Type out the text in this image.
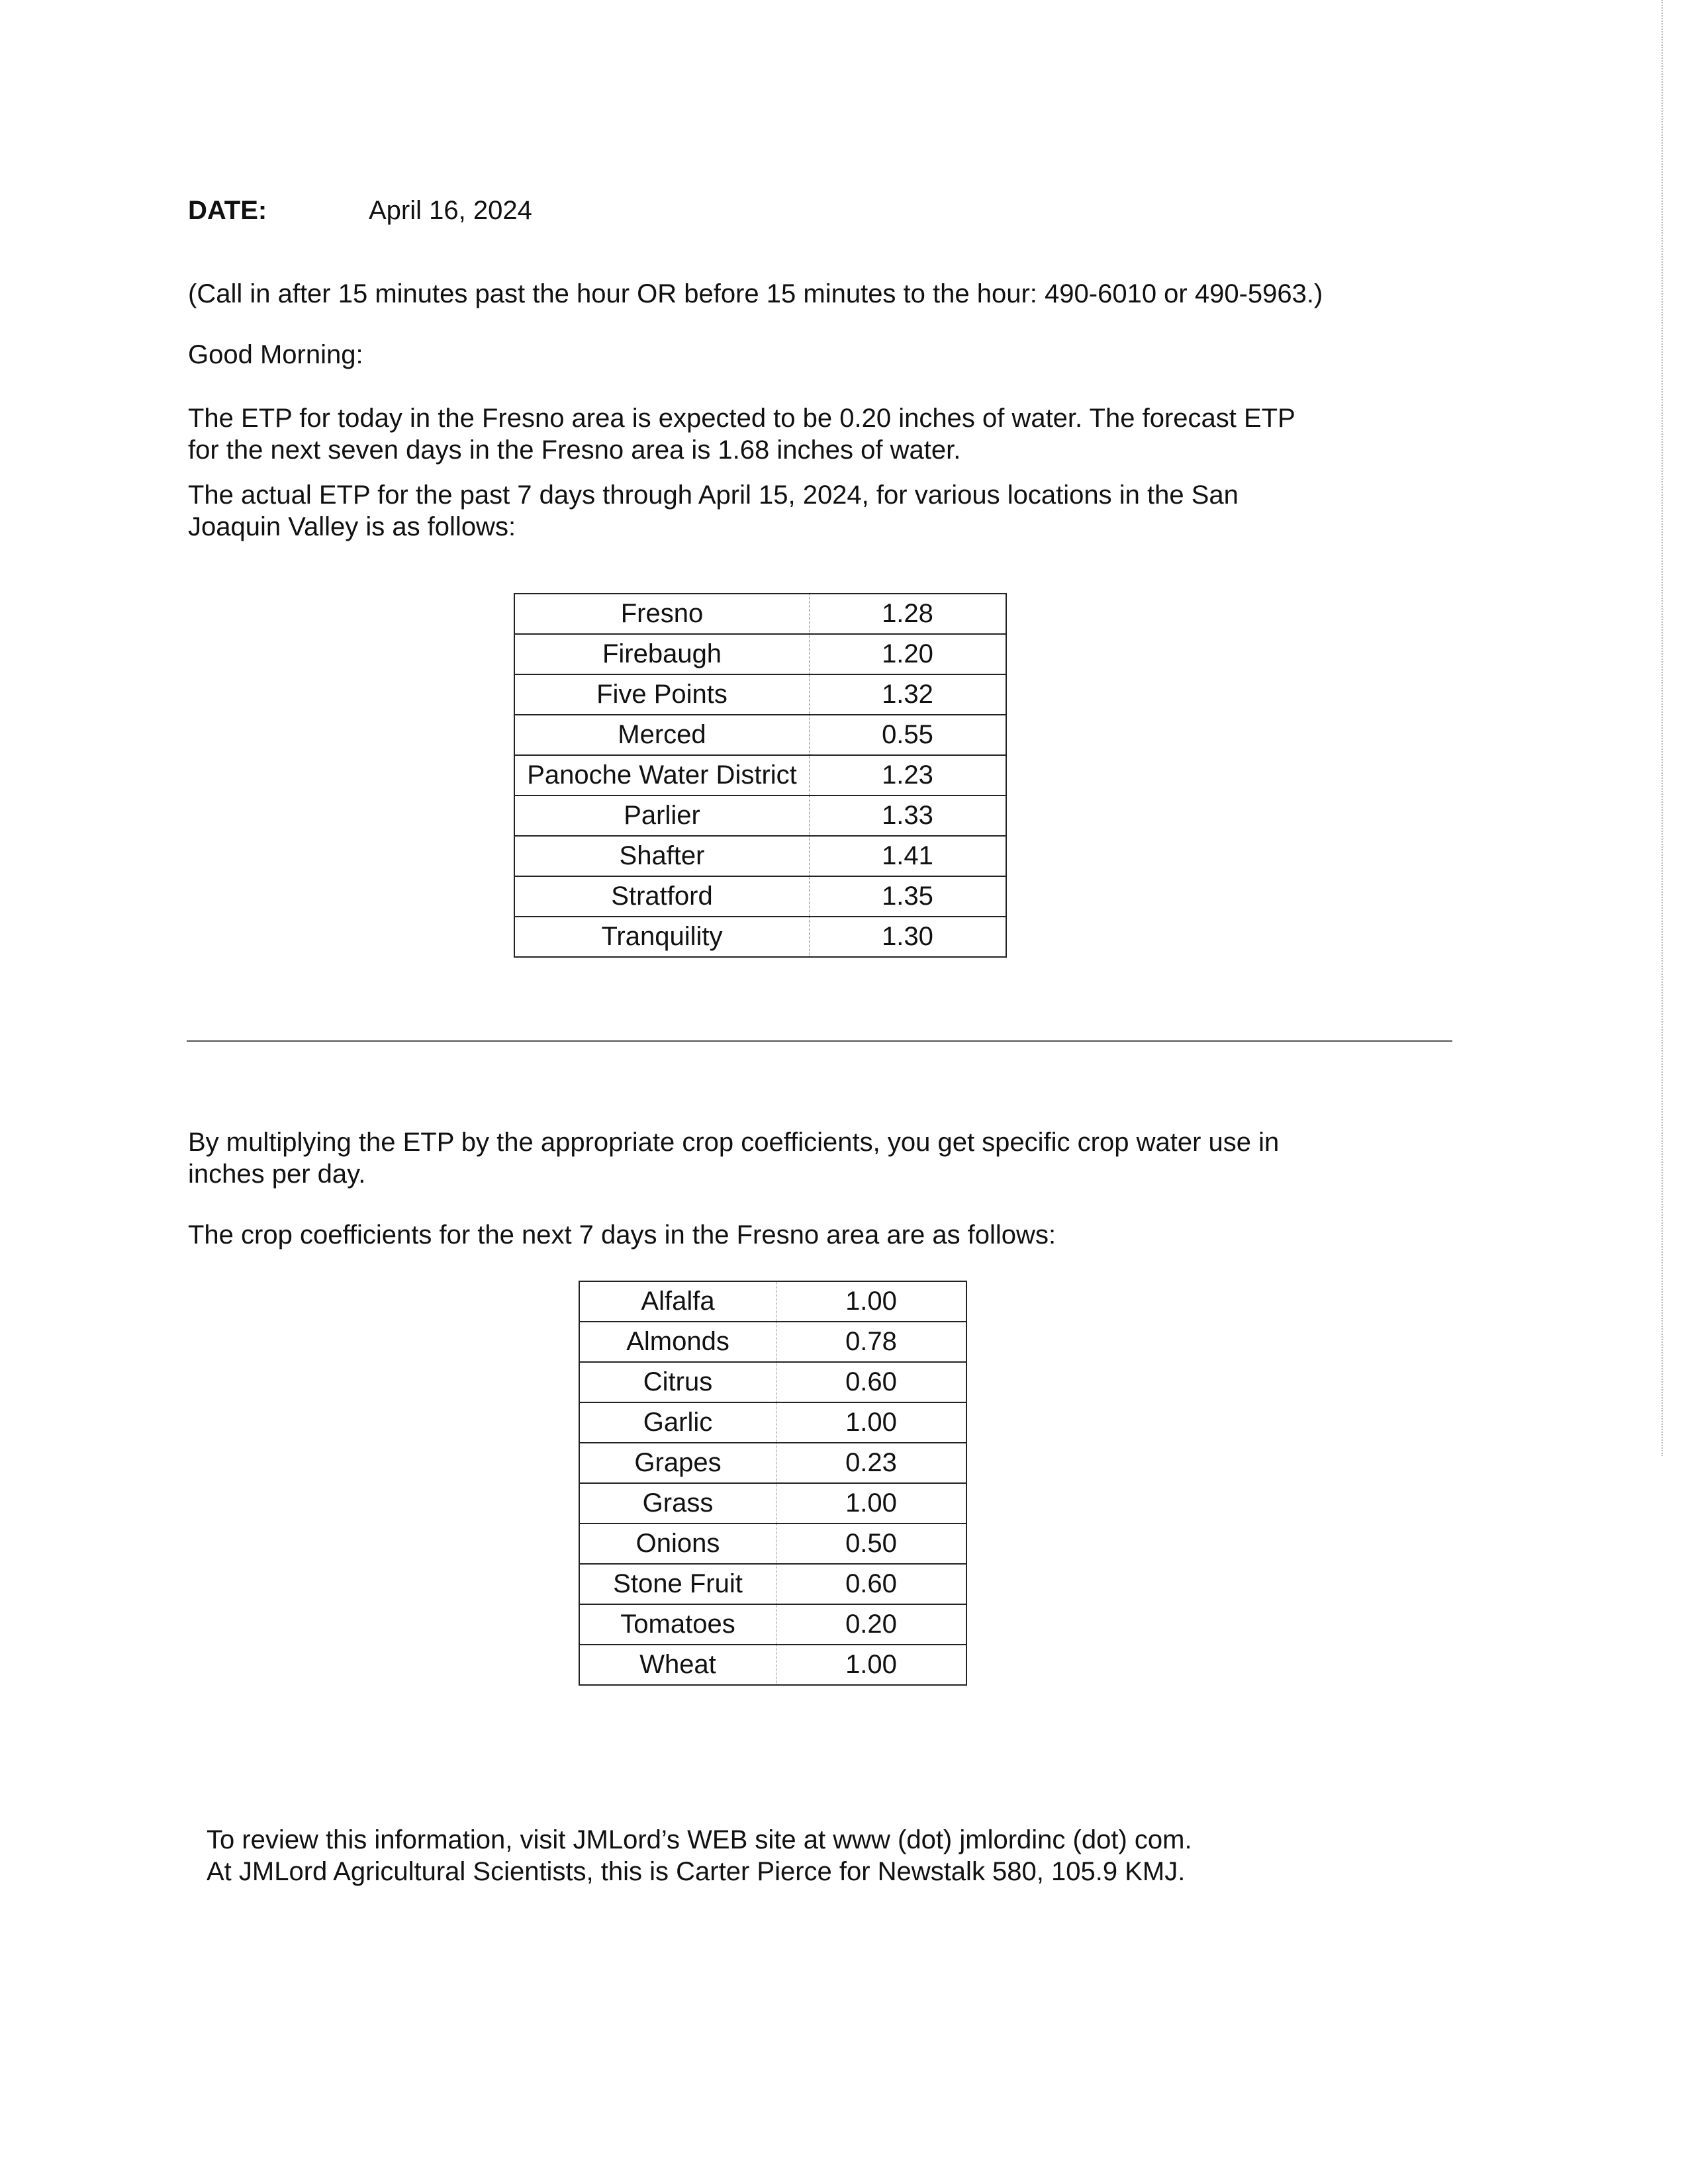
DATE:	April 16, 2024
(Call in after 15 minutes past the hour OR before 15 minutes to the hour: 490-6010 or 490-5963.)
Good Morning:
The ETP for today in the Fresno area is expected to be 0.20 inches of water. The forecast ETP
for the next seven days in the Fresno area is 1.68 inches of water.
The actual ETP for the past 7 days through April 15, 2024, for various locations in the San
Joaquin Valley is as follows:
Fresno	1.28
Firebaugh	1.20
Five Points	1.32
Merced	0.55
Panoche Water District	1.23
Parlier	1.33
Shafter	1.41
Stratford	1.35
Tranquility	1.30
By multiplying the ETP by the appropriate crop coefficients, you get specific crop water use in
inches per day.
The crop coefficients for the next 7 days in the Fresno area are as follows:
Alfalfa	1.00
Almonds	0.78
Citrus	0.60
Garlic	1.00
Grapes	0.23
Grass	1.00
Onions	0.50
Stone Fruit	0.60
Tomatoes	0.20
Wheat	1.00
To review this information, visit JMLord’s WEB site at www (dot) jmlordinc (dot) com.
At JMLord Agricultural Scientists, this is Carter Pierce for Newstalk 580, 105.9 KMJ.
